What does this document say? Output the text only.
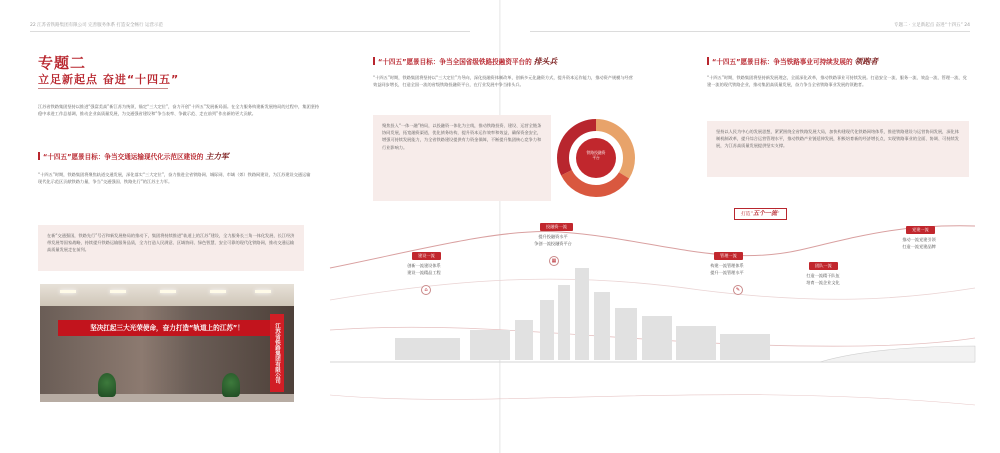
22 江苏省铁路集团有限公司 完善服务体系 打造安全畅行 运营示范	专题二 · 立足新起点 奋进“十四五” 24
专题二
立足新起点 奋进“十四五”
江苏省铁路集团坚持以推进“强富美高”新江苏为统领，锚定“三大定位”，奋力开创“十四五”发展新局面。在全力服务构建新发展格局的过程中，集团坚持稳中求进工作总基调，推动企业高质量发展，为交通强省建设和“争当表率、争做示范、走在前列”作出新的更大贡献。
“十四五”愿景目标：争当交通运输现代化示范区建设的 主力军
“十四五”时期，铁路集团将聚焦轨道交通发展，深化落实“三大定位”，奋力推进全省铁路网、城际网、市域（郊）铁路网建设，为江苏建设交通运输现代化示范区贡献铁路力量，争当“交通强国、铁路先行”的江苏主力军。
在新“交通强国，铁路先行”号召和新发展格局的推动下，集团将持续推进“轨道上的江苏”建设，全力服务长三角一体化发展、长江经济带发展等国家战略，持续提升铁路运输服务品质，全力打造人民满意、区域协同、绿色智慧、安全可靠的现代化铁路网，推动交通运输高质量发展走在前列。
坚决扛起三大光荣使命，奋力打造“轨道上的江苏”！	江苏省铁路集团有限公司
“十四五”愿景目标：争当全国省级铁路投融资平台的 排头兵
“十四五”时期，铁路集团将坚持以“三大定位”为导向，深化投融资体制改革，创新多元化融资方式，提升资本运作能力，推动资产规模与经营效益同步增长，打造全国一流的省级铁路投融资平台，在行业发展中争当排头兵。
聚焦投入“一体一融”格局，以投融资一体化为主线，推动铁路投资、建设、运营全链条协同发展，拓宽融资渠道，优化债务结构，提升资本运作效率和效益，确保资金安全，增强可持续发展能力，为全省铁路建设提供有力资金保障，不断提升集团核心竞争力和行业影响力。
铁路投融资平台
“十四五”愿景目标：争当铁路事业可持续发展的 领跑者
“十四五”时期，铁路集团将坚持新发展理念，全面深化改革，推动铁路事业可持续发展。打造安全一流、服务一流、效益一流、管理一流、党建一流的现代铁路企业，推动集团高质量发展，奋力争当全省铁路事业发展的领跑者。
坚持以人民为中心的发展思想，紧紧围绕全省铁路发展大局，加快构建现代化铁路网络体系，推进铁路建设与运营协同发展，深化体制机制改革，提升综合运营管理水平，推动铁路产业链延伸发展，积极培育新的经济增长点，实现铁路事业的全面、协调、可持续发展，为江苏高质量发展提供坚实支撑。
打造“五个一流”
建设一流
创新一流建设体系
建设一流精品工程
⌂
投融资一流
提升投融资水平
争创一流投融资平台
▦
管理一流
构建一流管理体系
提升一流管理水平
✎
团队一流
打造一流精干队伍
培育一流企业文化
党建一流
推动一流党建引领
打造一流党建品牌
